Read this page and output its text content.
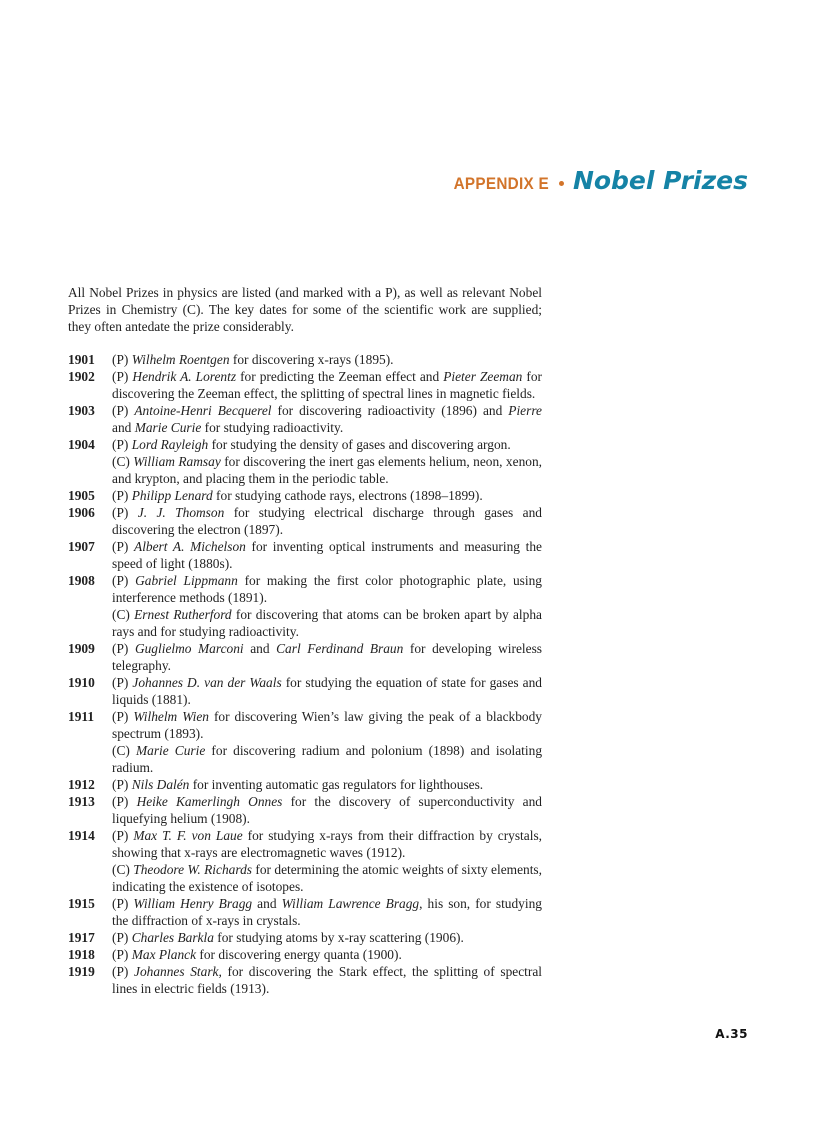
APPENDIX E Nobel Prizes

All Nobel Prizes in physics are listed (and marked with a P), as well as relevant Nobel Prizes in Chemistry (C). The key dates for some of the scientific work are supplied; they often antedate the prize considerably.

1901	(P) Wilhelm Roentgen for discovering x-rays (1895).
1902	(P) Hendrik A. Lorentz for predicting the Zeeman effect and Pieter Zeeman for discovering the Zeeman effect, the splitting of spectral lines in magnetic fields.
1903	(P) Antoine-Henri Becquerel for discovering radioactivity (1896) and Pierre and Marie Curie for studying radioactivity.
1904	(P) Lord Rayleigh for studying the density of gases and discovering argon.
(C) William Ramsay for discovering the inert gas elements helium, neon, xenon, and krypton, and placing them in the periodic table.
1905	(P) Philipp Lenard for studying cathode rays, electrons (1898–1899).
1906	(P) J. J. Thomson for studying electrical discharge through gases and discovering the electron (1897).
1907	(P) Albert A. Michelson for inventing optical instruments and measuring the speed of light (1880s).
1908	(P) Gabriel Lippmann for making the first color photographic plate, using interference methods (1891).
(C) Ernest Rutherford for discovering that atoms can be broken apart by alpha rays and for studying radioactivity.
1909	(P) Guglielmo Marconi and Carl Ferdinand Braun for developing wireless telegraphy.
1910	(P) Johannes D. van der Waals for studying the equation of state for gases and liquids (1881).
1911	(P) Wilhelm Wien for discovering Wien’s law giving the peak of a blackbody spectrum (1893).
(C) Marie Curie for discovering radium and polonium (1898) and isolating radium.
1912	(P) Nils Dalén for inventing automatic gas regulators for lighthouses.
1913	(P) Heike Kamerlingh Onnes for the discovery of superconductivity and liquefying helium (1908).
1914	(P) Max T. F. von Laue for studying x-rays from their diffraction by crystals, showing that x-rays are electromagnetic waves (1912).
(C) Theodore W. Richards for determining the atomic weights of sixty elements, indicating the existence of isotopes.
1915	(P) William Henry Bragg and William Lawrence Bragg, his son, for studying the diffraction of x-rays in crystals.
1917	(P) Charles Barkla for studying atoms by x-ray scattering (1906).
1918	(P) Max Planck for discovering energy quanta (1900).
1919	(P) Johannes Stark, for discovering the Stark effect, the splitting of spectral lines in electric fields (1913).
A.35
